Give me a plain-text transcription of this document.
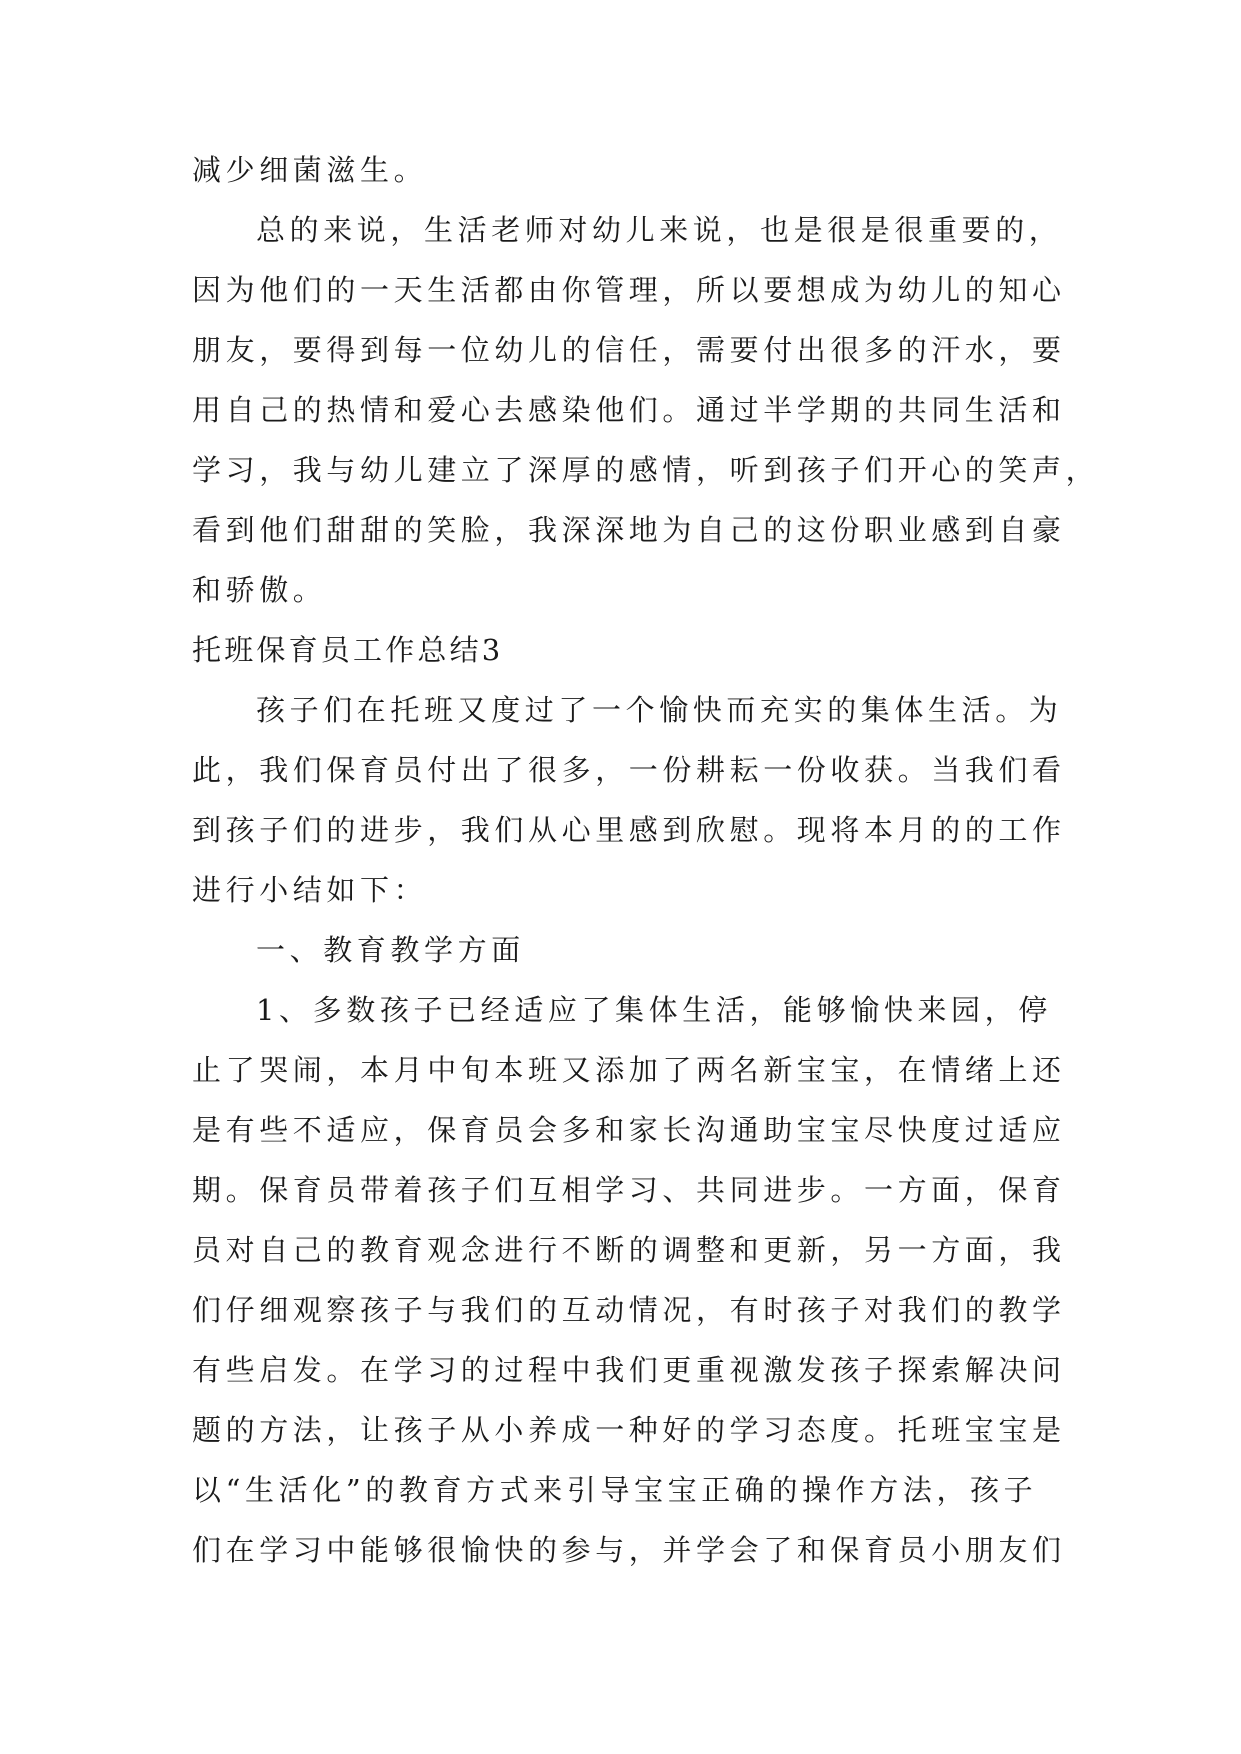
减少细菌滋生。
总的来说，生活老师对幼儿来说，也是很是很重要的，
因为他们的一天生活都由你管理，所以要想成为幼儿的知心
朋友，要得到每一位幼儿的信任，需要付出很多的汗水，要
用自己的热情和爱心去感染他们。通过半学期的共同生活和
学习，我与幼儿建立了深厚的感情，听到孩子们开心的笑声，
看到他们甜甜的笑脸，我深深地为自己的这份职业感到自豪
和骄傲。
托班保育员工作总结3
孩子们在托班又度过了一个愉快而充实的集体生活。为
此，我们保育员付出了很多，一份耕耘一份收获。当我们看
到孩子们的进步，我们从心里感到欣慰。现将本月的的工作
进行小结如下：
一、教育教学方面
1、多数孩子已经适应了集体生活，能够愉快来园，停
止了哭闹，本月中旬本班又添加了两名新宝宝，在情绪上还
是有些不适应，保育员会多和家长沟通助宝宝尽快度过适应
期。保育员带着孩子们互相学习、共同进步。一方面，保育
员对自己的教育观念进行不断的调整和更新，另一方面，我
们仔细观察孩子与我们的互动情况，有时孩子对我们的教学
有些启发。在学习的过程中我们更重视激发孩子探索解决问
题的方法，让孩子从小养成一种好的学习态度。托班宝宝是
以“生活化”的教育方式来引导宝宝正确的操作方法，孩子
们在学习中能够很愉快的参与，并学会了和保育员小朋友们
